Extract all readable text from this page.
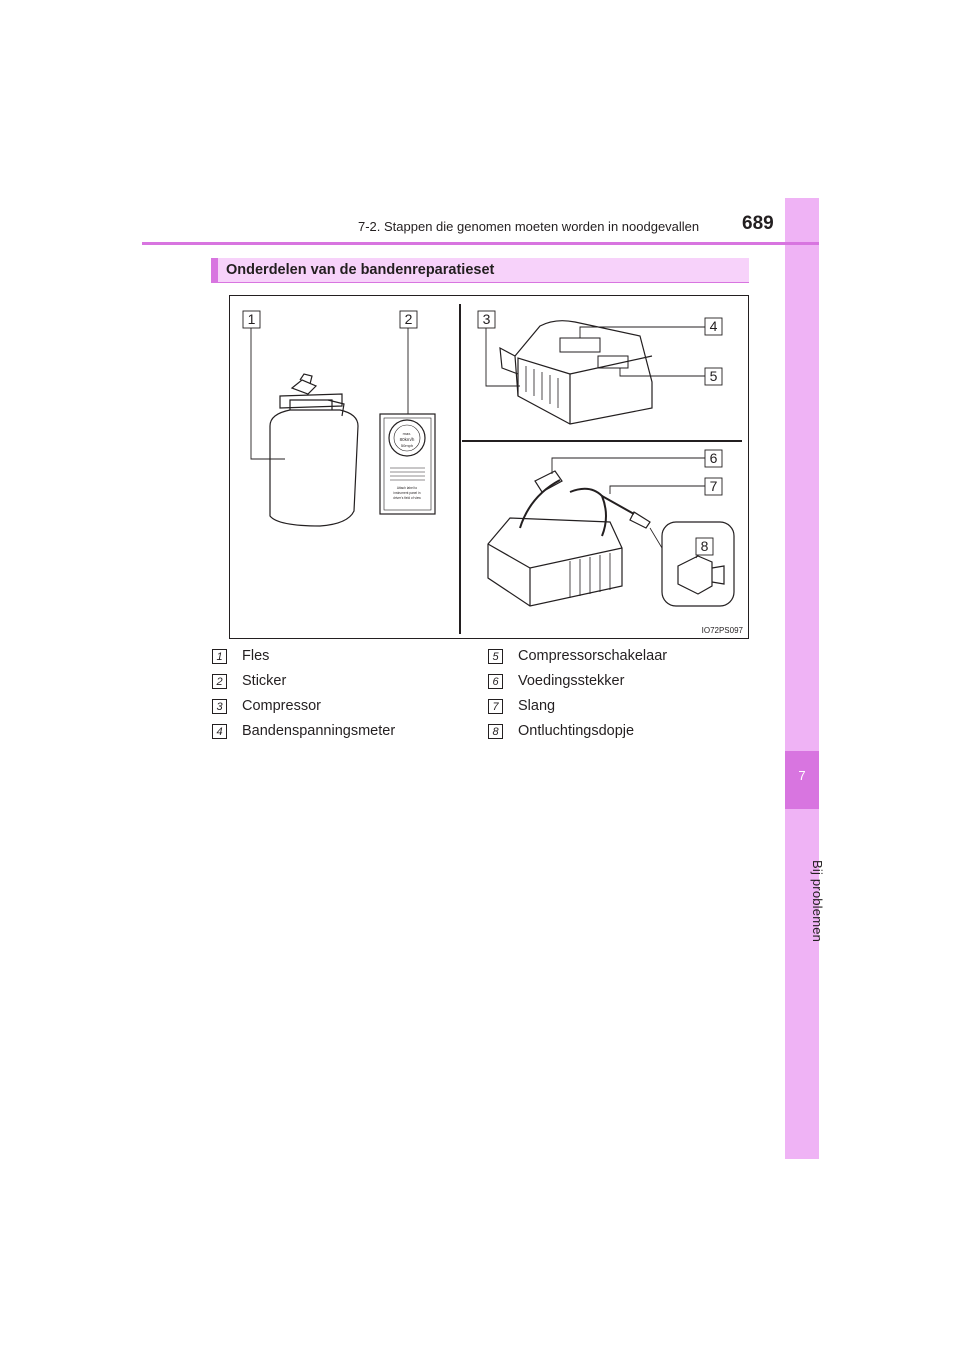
7
Bij problemen
7-2. Stappen die genomen moeten worden in noodgevallen 689
Onderdelen van de bandenreparatieset
max.
80km/h
50mph
Attach label to
instrument panel in
driver's field of view
1	2	3	4
5
6
7
8
IO72PS097
1	Fles
2	Sticker
3	Compressor
4	Bandenspanningsmeter
5	Compressorschakelaar
6	Voedingsstekker
7	Slang
8	Ontluchtingsdopje
